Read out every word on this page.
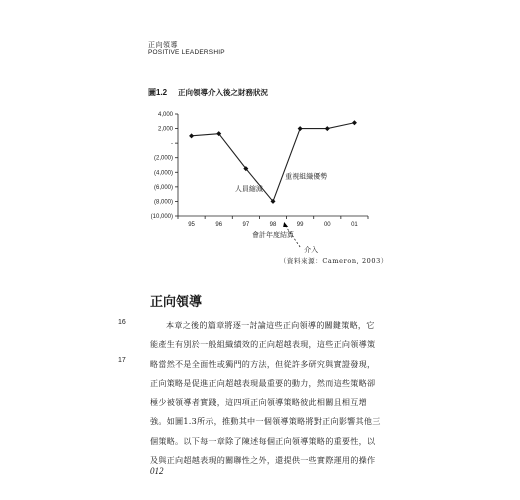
正向領導
POSITIVE LEADERSHIP
圖1.2 正向領導介入後之財務狀況
4,000
2,000
-
(2,000)
(4,000)
(6,000)
(8,000)
(10,000)
95	96	97	98	99	00	01
會計年度結算
人員縮減
重視組織優勢
介入
（資料來源：Cameron, 2003）
正向領導
16
17
本章之後的篇章將逐一討論這些正向領導的關鍵策略，它
能產生有別於一般組織績效的正向超越表現，這些正向領導策
略當然不是全面性或獨門的方法，但從許多研究與實證發現，
正向策略是促進正向超越表現最重要的動力，然而這些策略卻
極少被領導者實踐，這四項正向領導策略彼此相關且相互增
強。如圖1.3所示，推動其中一個領導策略將對正向影響其他三
個策略。以下每一章除了陳述每個正向領導策略的重要性，以
及與正向超越表現的關聯性之外，還提供一些實際運用的操作
012
